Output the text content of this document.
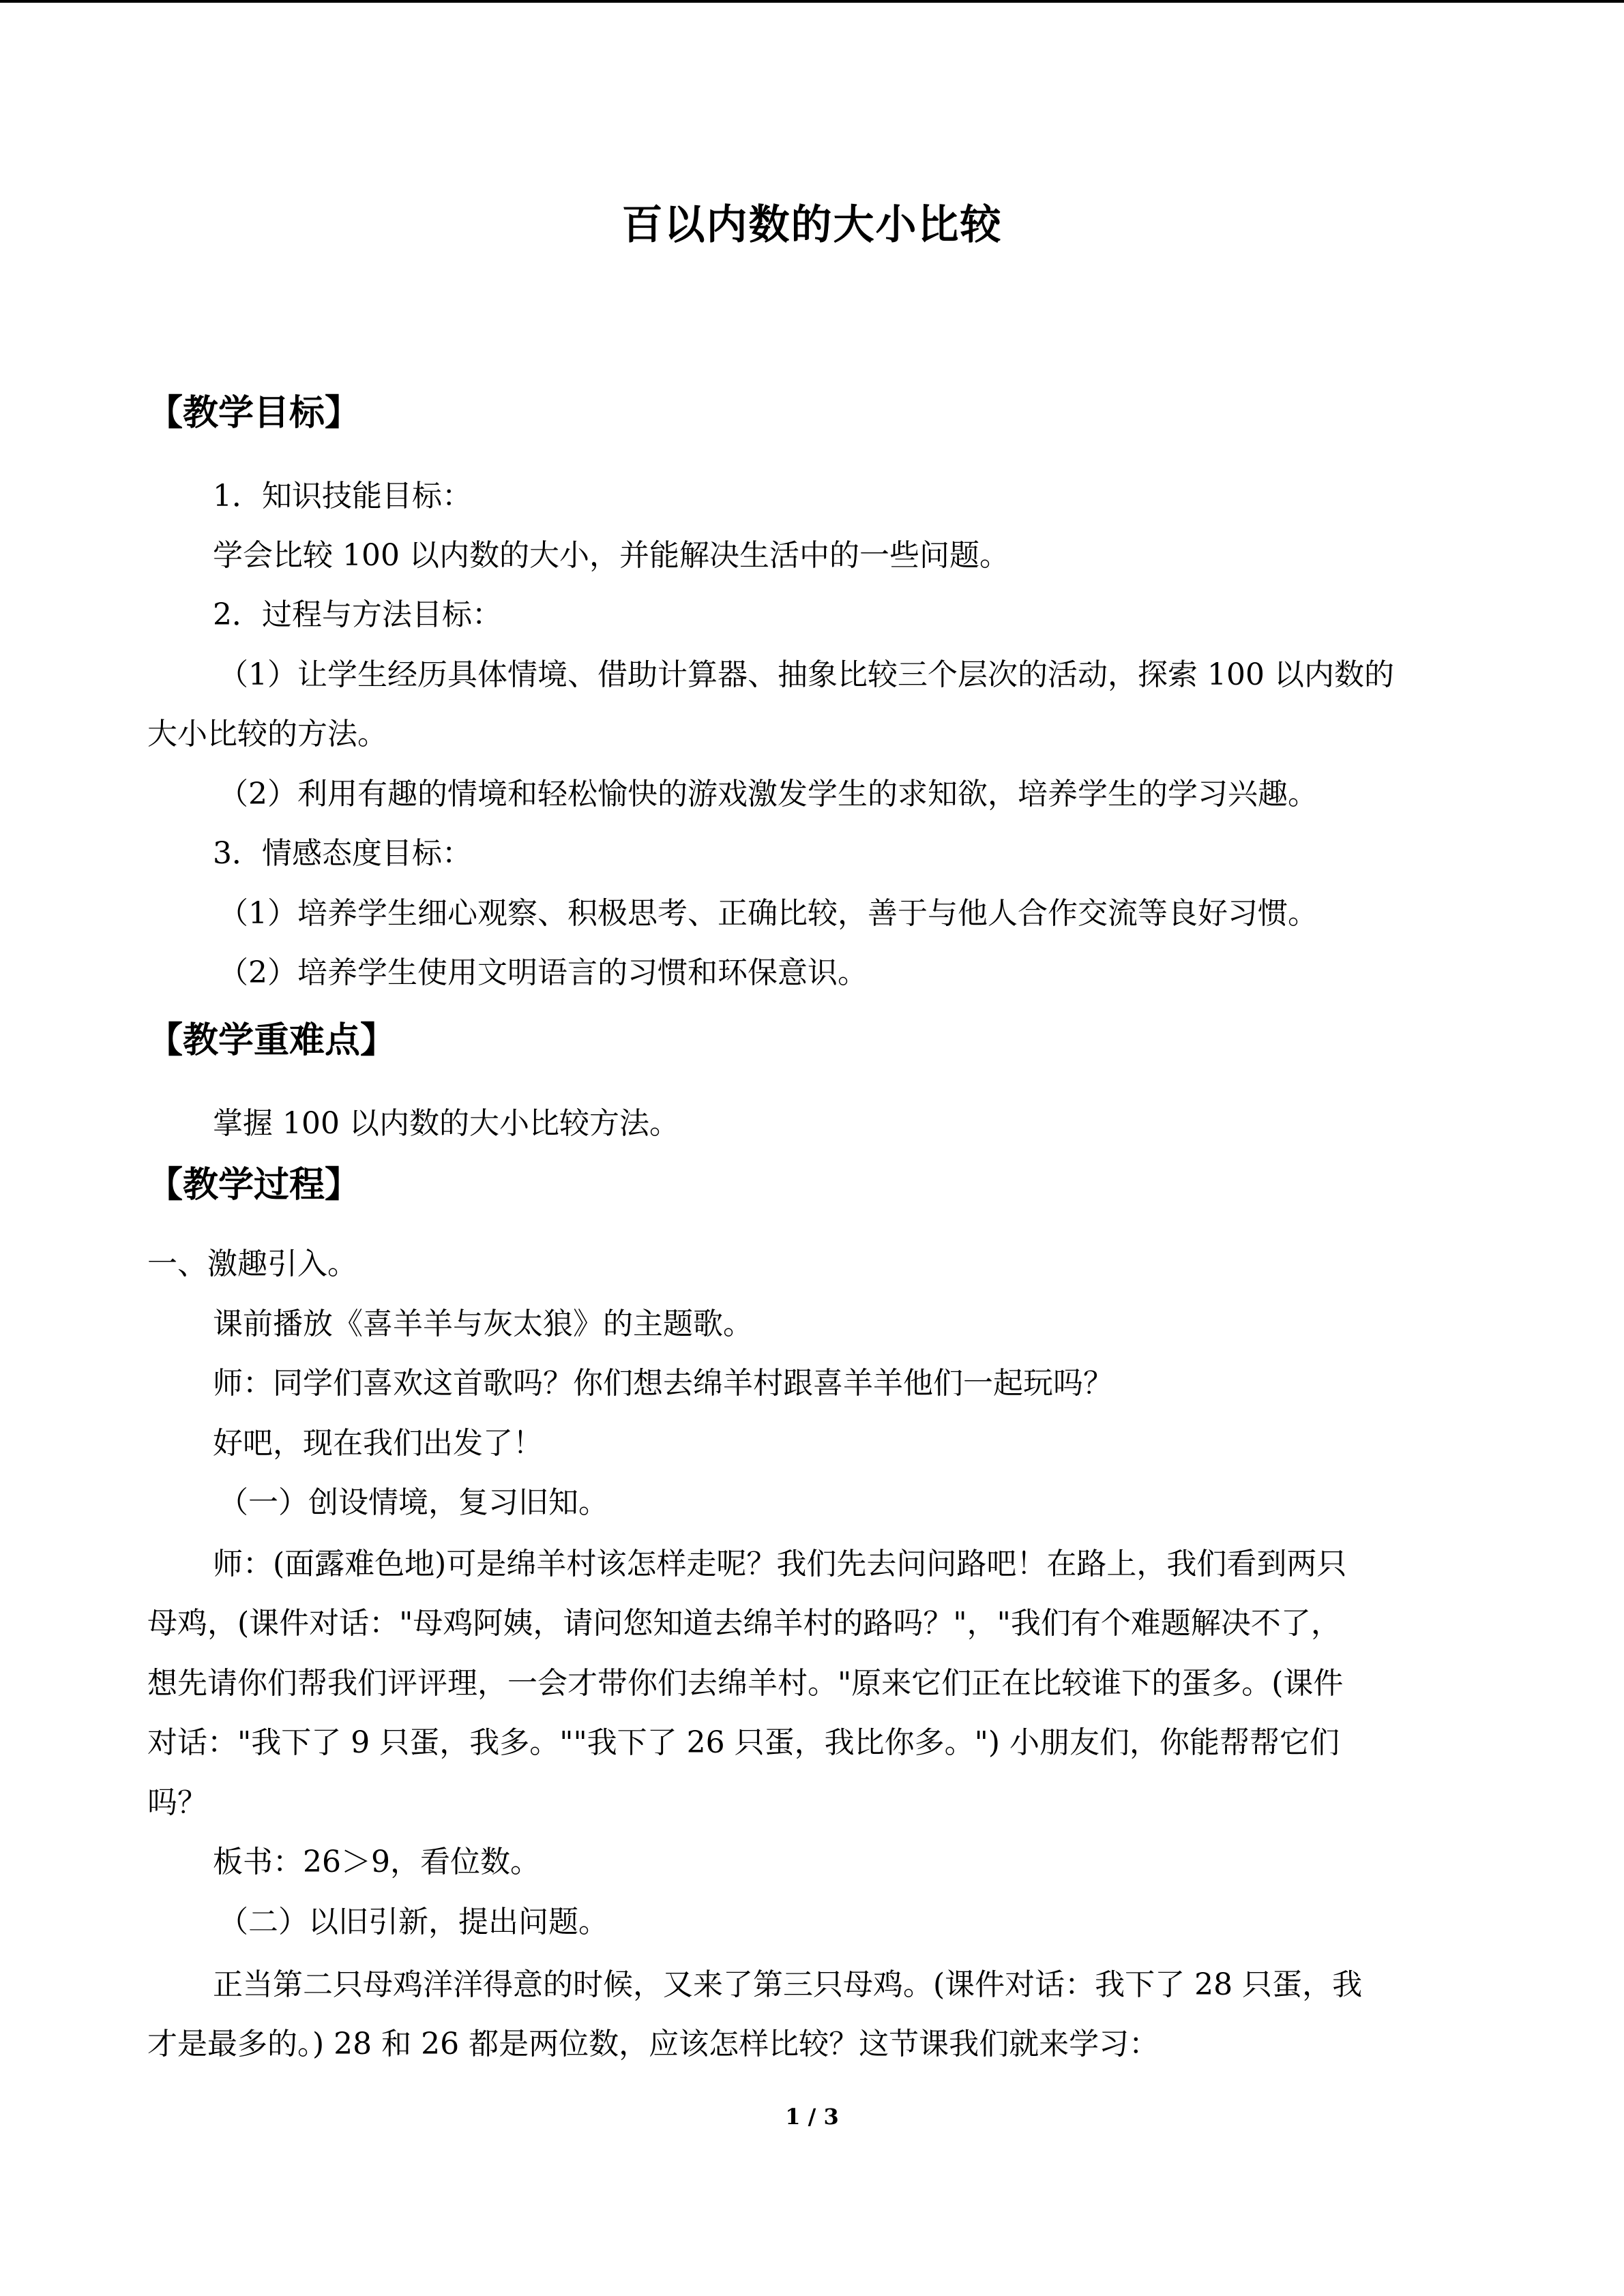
百以内数的大小比较
【教学目标】
1．知识技能目标：
学会比较 100 以内数的大小，并能解决生活中的一些问题。
2．过程与方法目标：
（1）让学生经历具体情境、借助计算器、抽象比较三个层次的活动，探索 100 以内数的
大小比较的方法。
（2）利用有趣的情境和轻松愉快的游戏激发学生的求知欲，培养学生的学习兴趣。
3．情感态度目标：
（1）培养学生细心观察、积极思考、正确比较，善于与他人合作交流等良好习惯。
（2）培养学生使用文明语言的习惯和环保意识。
【教学重难点】
掌握 100 以内数的大小比较方法。
【教学过程】
一、激趣引入。
课前播放《喜羊羊与灰太狼》的主题歌。
师：同学们喜欢这首歌吗？你们想去绵羊村跟喜羊羊他们一起玩吗？
好吧，现在我们出发了！
（一）创设情境，复习旧知。
师：(面露难色地)可是绵羊村该怎样走呢？我们先去问问路吧！在路上，我们看到两只
母鸡，(课件对话："母鸡阿姨，请问您知道去绵羊村的路吗？"，"我们有个难题解决不了，
想先请你们帮我们评评理，一会才带你们去绵羊村。"原来它们正在比较谁下的蛋多。(课件
对话："我下了 9 只蛋，我多。""我下了 26 只蛋，我比你多。") 小朋友们，你能帮帮它们
吗？
板书：26＞9，看位数。
（二）以旧引新，提出问题。
正当第二只母鸡洋洋得意的时候，又来了第三只母鸡。(课件对话：我下了 28 只蛋，我
才是最多的。) 28 和 26 都是两位数，应该怎样比较？这节课我们就来学习：
1 / 3
